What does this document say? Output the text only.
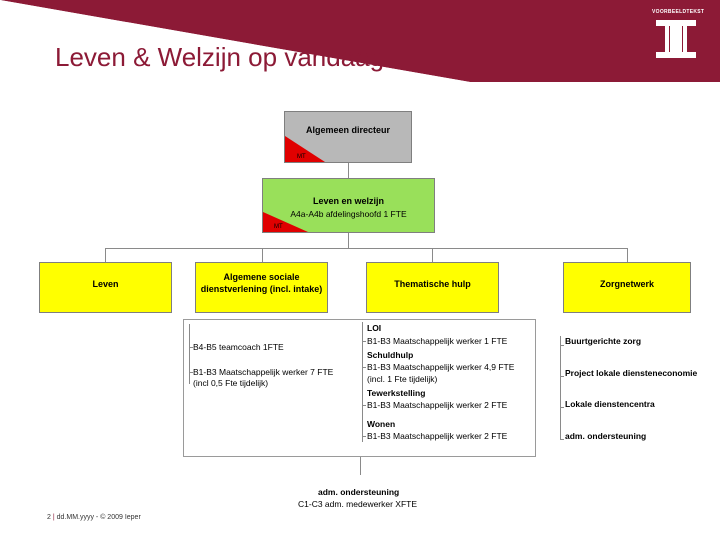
Leven & Welzijn op vandaag
VOORBEELDTEKST
Algemeen directeur
MT
Leven en welzijn
A4a-A4b afdelingshoofd 1 FTE
MT
Leven
Algemene sociale
dienstverlening (incl. intake)	Thematische hulp	Zorgnetwerk
B4-B5 teamcoach 1FTE
B1-B3 Maatschappelijk werker 7 FTE
(incl 0,5 Fte tijdelijk)
LOI
B1-B3 Maatschappelijk werker 1 FTE
Schuldhulp
B1-B3 Maatschappelijk werker 4,9 FTE
(incl. 1 Fte tijdelijk)
Tewerkstelling
B1-B3 Maatschappelijk werker 2 FTE
Wonen
B1-B3 Maatschappelijk werker 2 FTE
Buurtgerichte zorg
Project lokale diensteneconomie
Lokale dienstencentra
adm. ondersteuning
adm. ondersteuning
C1-C3 adm. medewerker XFTE
2 | dd.MM.yyyy - © 2009 Ieper
